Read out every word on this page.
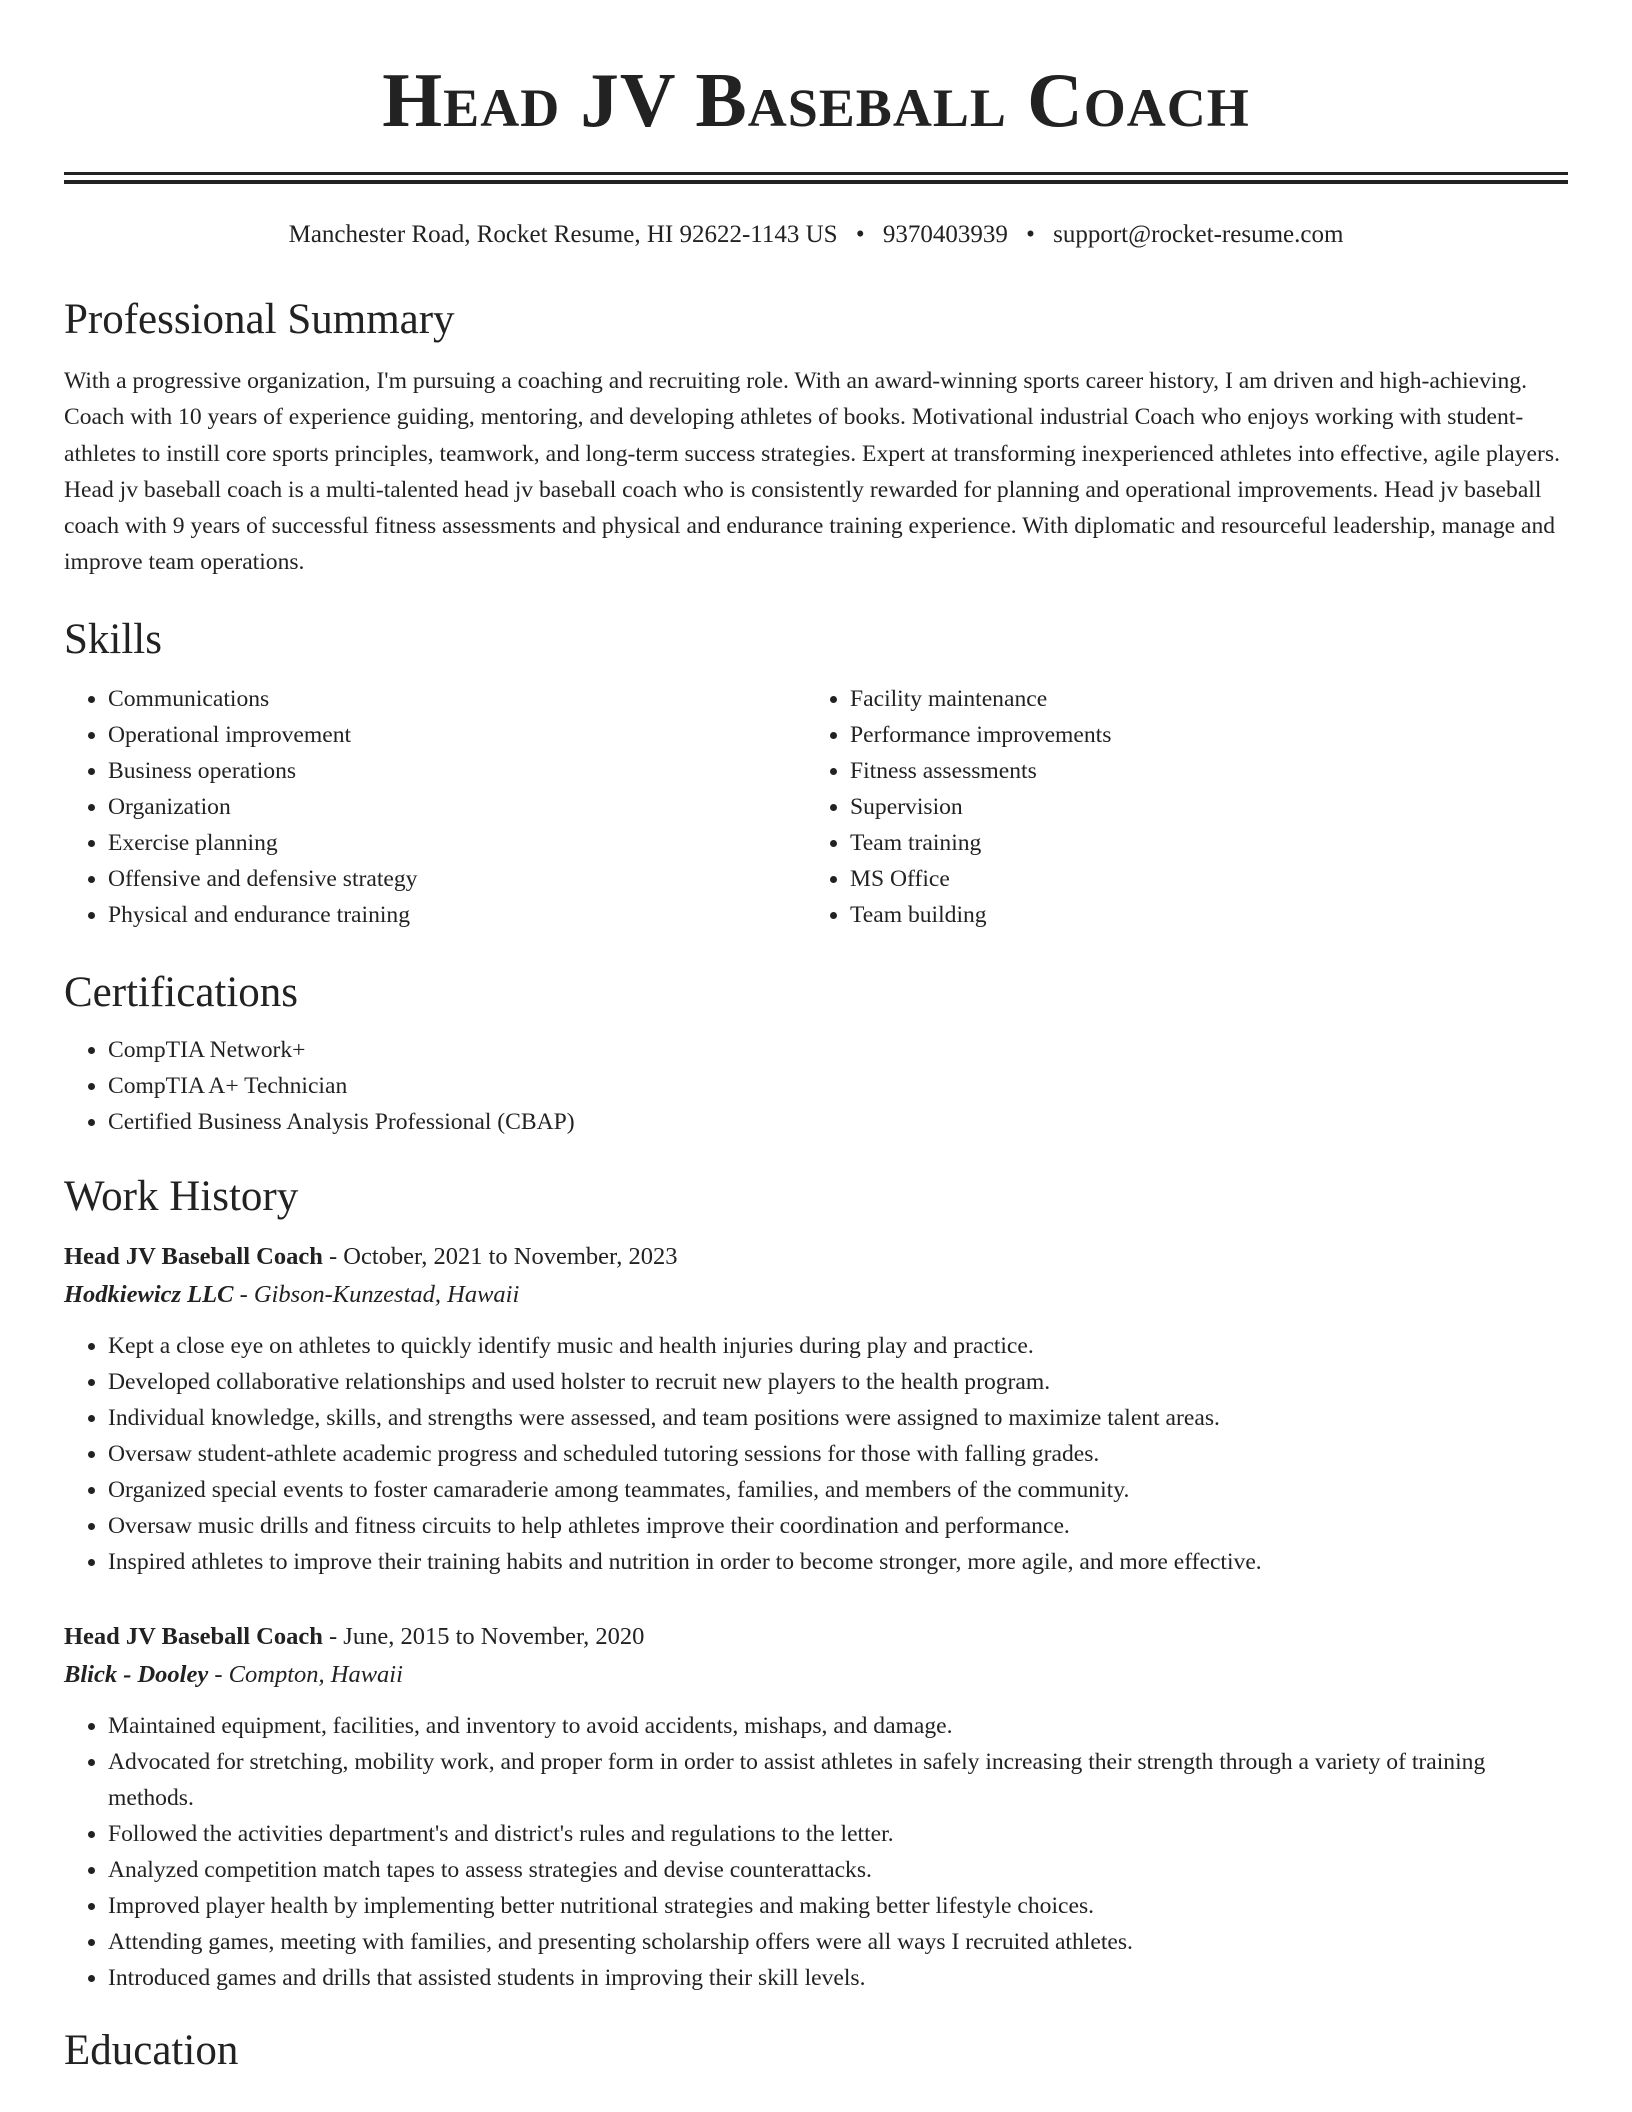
Head JV Baseball Coach
Manchester Road, Rocket Resume, HI 92622-1143 US • 9370403939 • support@rocket-resume.com
Professional Summary

With a progressive organization, I'm pursuing a coaching and recruiting role. With an award-winning sports career history, I am driven and high-achieving. Coach with 10 years of experience guiding, mentoring, and developing athletes of books. Motivational industrial Coach who enjoys working with student-athletes to instill core sports principles, teamwork, and long-term success strategies. Expert at transforming inexperienced athletes into effective, agile players. Head jv baseball coach is a multi-talented head jv baseball coach who is consistently rewarded for planning and operational improvements. Head jv baseball coach with 9 years of successful fitness assessments and physical and endurance training experience. With diplomatic and resourceful leadership, manage and improve team operations.

Skills
• Communications
• Operational improvement
• Business operations
• Organization
• Exercise planning
• Offensive and defensive strategy
• Physical and endurance training
• Facility maintenance
• Performance improvements
• Fitness assessments
• Supervision
• Team training
• MS Office
• Team building
Certifications
• CompTIA Network+
• CompTIA A+ Technician
• Certified Business Analysis Professional (CBAP)
Work History
Head JV Baseball Coach - October, 2021 to November, 2023
Hodkiewicz LLC - Gibson-Kunzestad, Hawaii
• Kept a close eye on athletes to quickly identify music and health injuries during play and practice.
• Developed collaborative relationships and used holster to recruit new players to the health program.
• Individual knowledge, skills, and strengths were assessed, and team positions were assigned to maximize talent areas.
• Oversaw student-athlete academic progress and scheduled tutoring sessions for those with falling grades.
• Organized special events to foster camaraderie among teammates, families, and members of the community.
• Oversaw music drills and fitness circuits to help athletes improve their coordination and performance.
• Inspired athletes to improve their training habits and nutrition in order to become stronger, more agile, and more effective.
Head JV Baseball Coach - June, 2015 to November, 2020
Blick - Dooley - Compton, Hawaii
• Maintained equipment, facilities, and inventory to avoid accidents, mishaps, and damage.
• Advocated for stretching, mobility work, and proper form in order to assist athletes in safely increasing their strength through a variety of training methods.
• Followed the activities department's and district's rules and regulations to the letter.
• Analyzed competition match tapes to assess strategies and devise counterattacks.
• Improved player health by implementing better nutritional strategies and making better lifestyle choices.
• Attending games, meeting with families, and presenting scholarship offers were all ways I recruited athletes.
• Introduced games and drills that assisted students in improving their skill levels.
Education
